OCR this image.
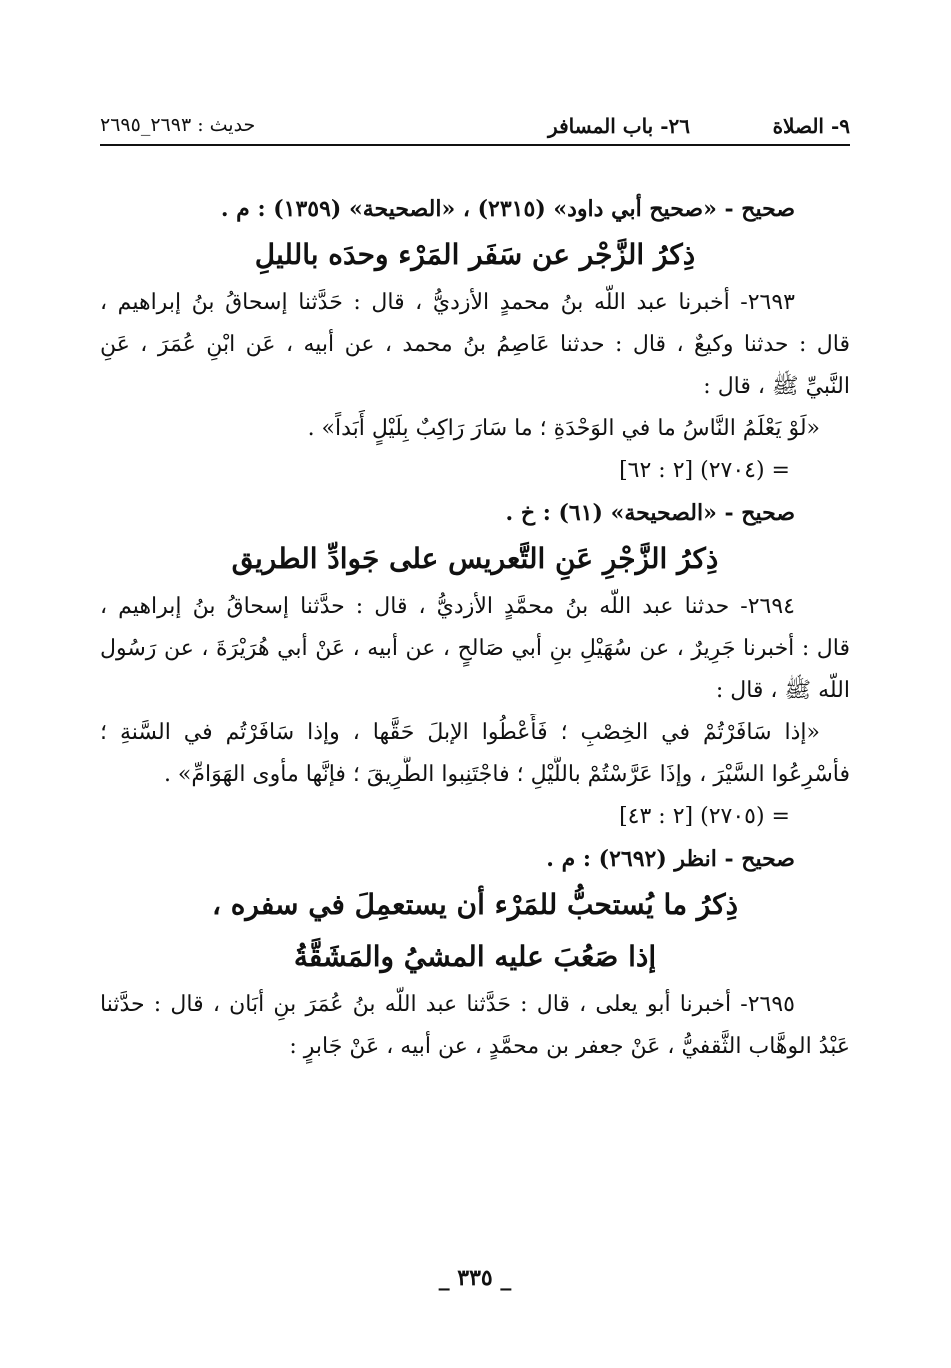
٩- الصلاة
٢٦- باب المسافر
حديث : ٢٦٩٣_٢٦٩٥
صحيح - «صحيح أبي داود» (٢٣١٥) ، «الصحيحة» (١٣٥٩) : م .
ذِكرُ الزَّجْر عن سَفَر المَرْء وحدَه بالليلِ
٢٦٩٣- أخبرنا عبد اللّه بنُ محمدٍ الأزديُّ ، قال : حَدَّثنا إسحاقُ بنُ إبراهيم ،
قال : حدثنا وكيعٌ ، قال : حدثنا عَاصِمُ بنُ محمد ، عن أبيه ، عَن ابْنِ عُمَرَ ، عَنِ
النَّبيِّ ﷺ ، قال :
«لَوْ يَعْلَمُ النَّاسُ ما في الوَحْدَةِ ؛ ما سَارَ رَاكِبٌ بِلَيْلٍ أَبَداً» .
= (٢٧٠٤) [٢ : ٦٢]
صحيح - «الصحيحة» (٦١) : خ .
ذِكرُ الزَّجْرِ عَنِ التَّعريس على جَوادِّ الطريق
٢٦٩٤- حدثنا عبد اللّه بنُ محمَّدٍ الأزديُّ ، قال : حدَّثنا إسحاقُ بنُ إبراهيم ،
قال : أخبرنا جَرِيرٌ ، عن سُهَيْلِ بنِ أبي صَالحٍ ، عن أبيه ، عَنْ أبي هُرَيْرَةَ ، عن رَسُول
اللّه ﷺ ، قال :
«إذا سَافَرْتُمْ في الخِصْبِ ؛ فَأَعْطُوا الإبلَ حَقَّها ، وإذا سَافَرْتُم في السَّنةِ ؛
فأسْرِعُوا السَّيْرَ ، وإذَا عَرَّسْتُمْ باللَّيْلِ ؛ فاجْتَنِبوا الطَّرِيقَ ؛ فإنَّها مأوى الهَوَامِّ» .
= (٢٧٠٥) [٢ : ٤٣]
صحيح - انظر (٢٦٩٢) : م .
ذِكرُ ما يُستحبُّ للمَرْء أن يستعمِلَ في سفره ،
إذا صَعُبَ عليه المشيُ والمَشَقَّةُ
٢٦٩٥- أخبرنا أبو يعلى ، قال : حَدَّثنا عبد اللّه بنُ عُمَرَ بنِ أبَان ، قال : حدَّثنا
عَبْدُ الوهَّاب الثَّقفيُّ ، عَنْ جعفر بن محمَّدٍ ، عن أبيه ، عَنْ جَابرٍ :
_ ٣٣٥ _
